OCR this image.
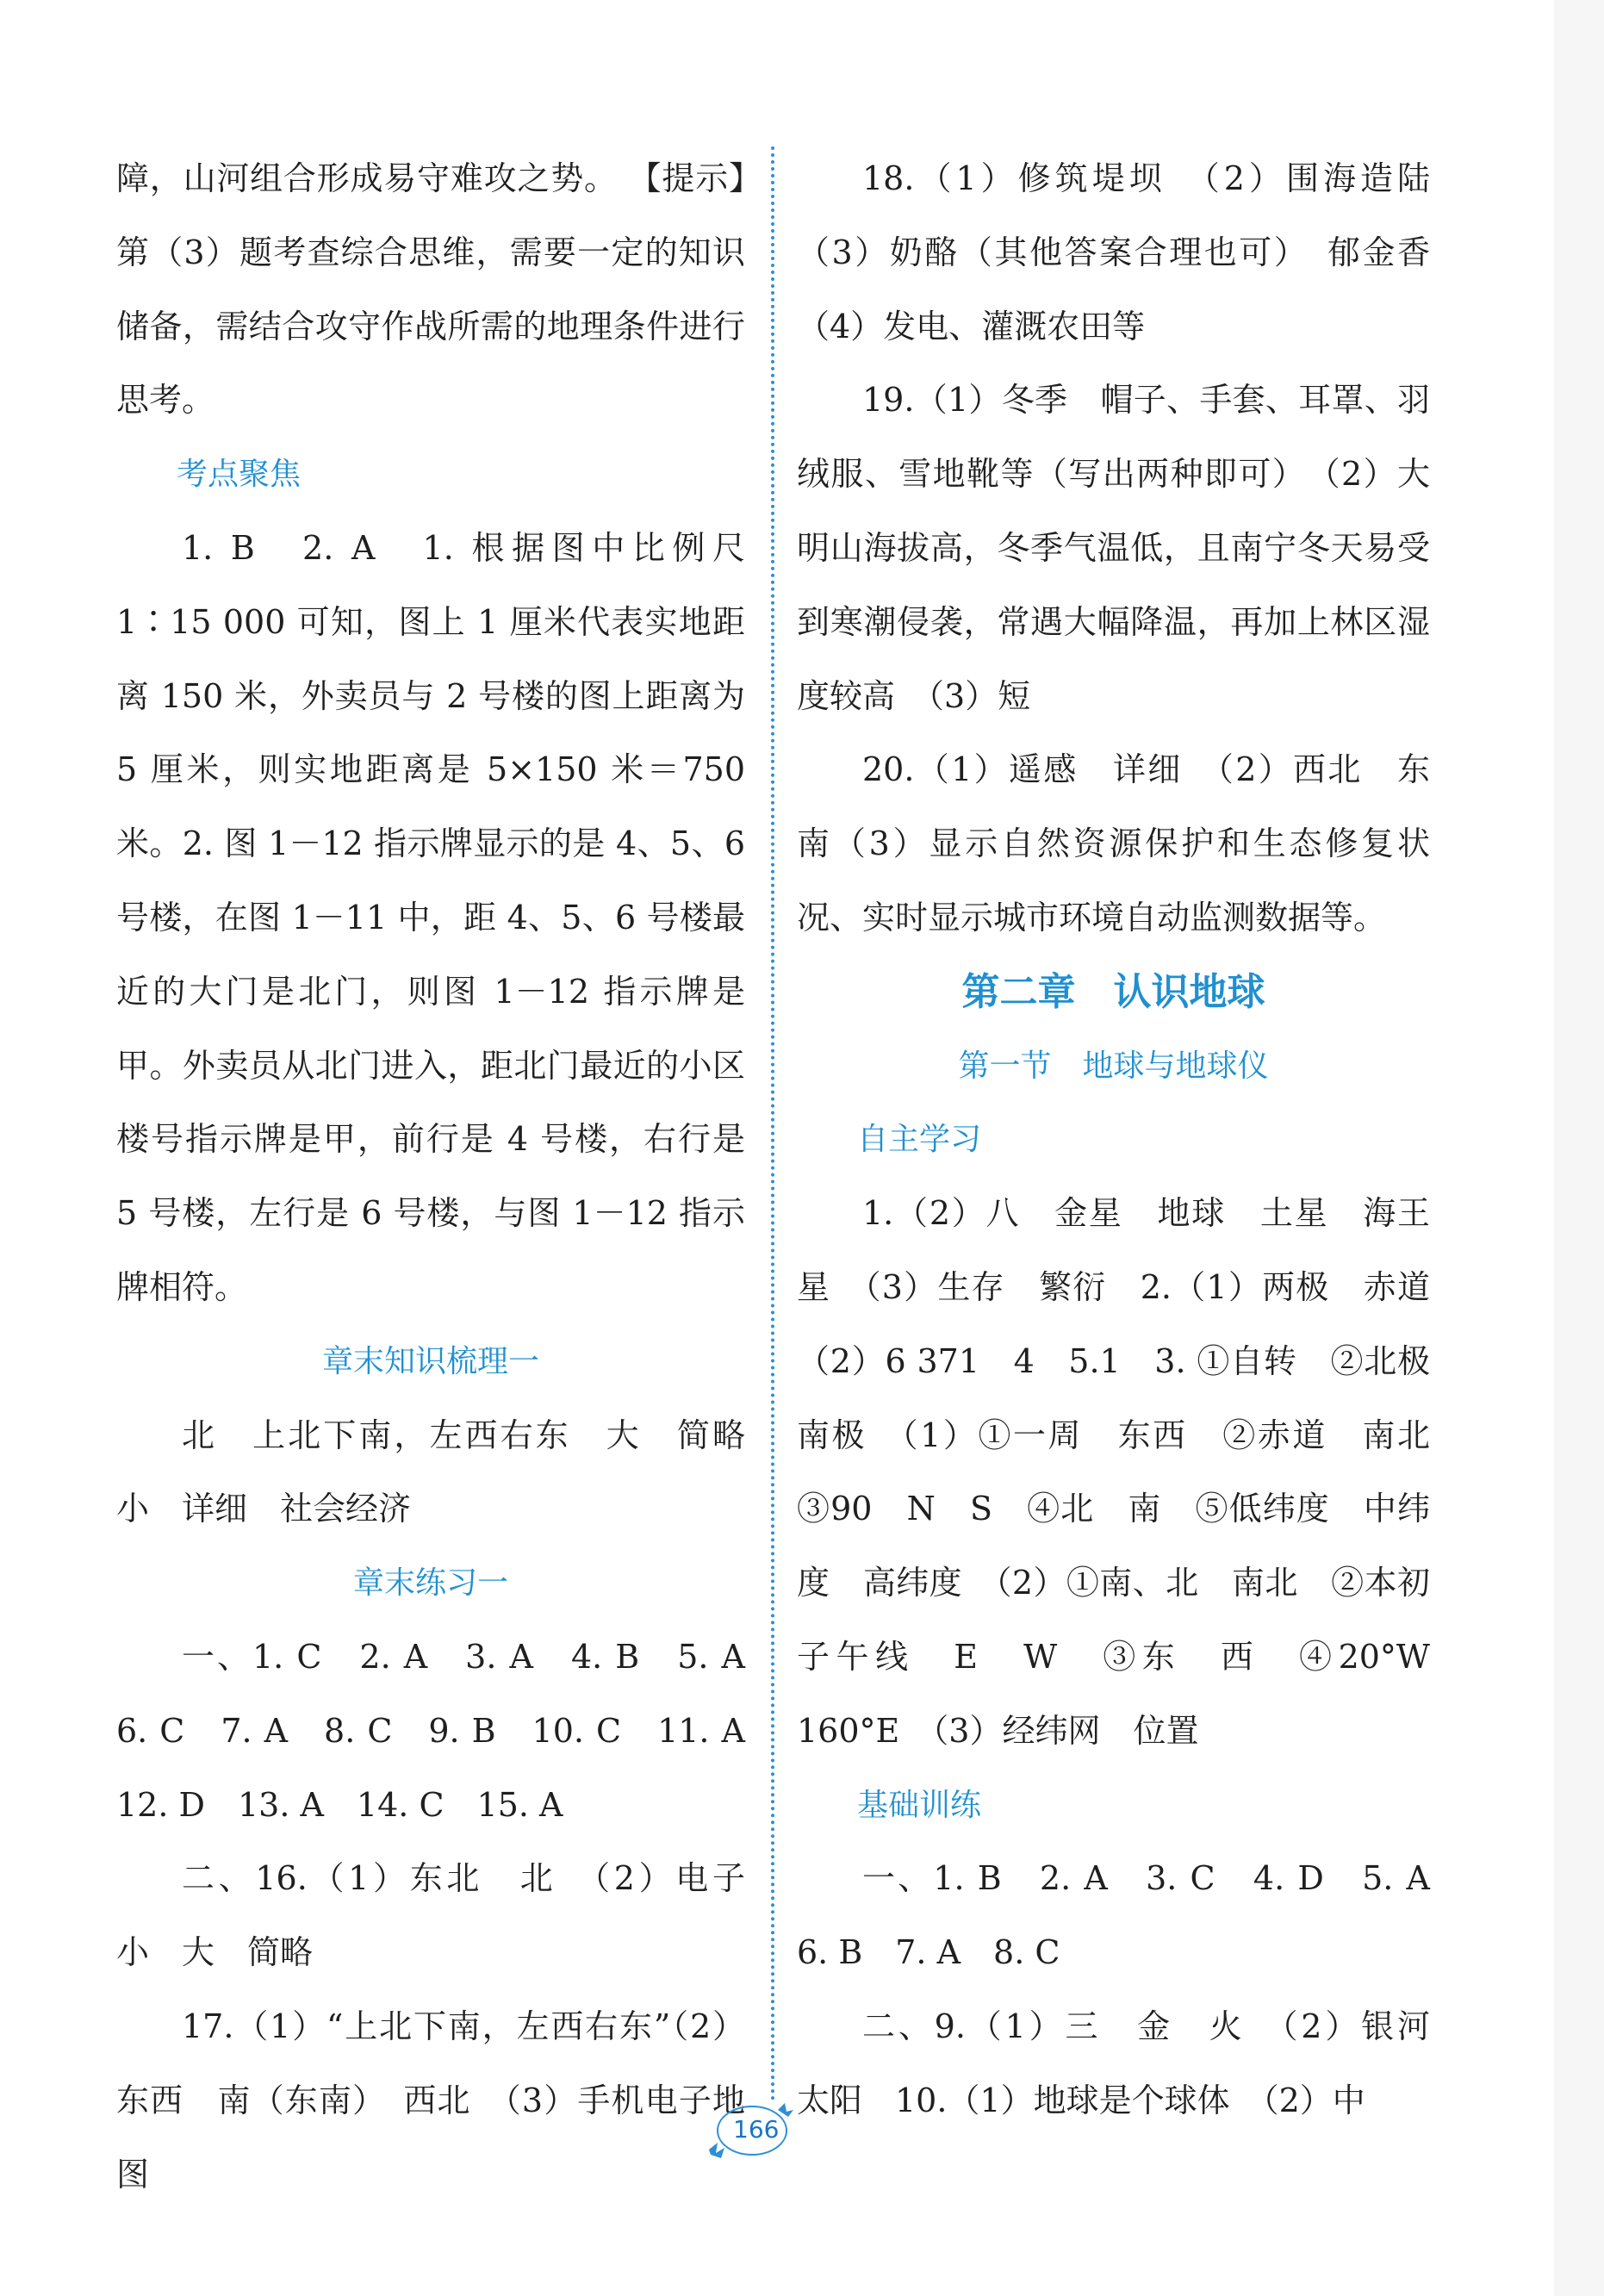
障，山河组合形成易守难攻之势。 【提示】第（3）题考查综合思维，需要一定的知识储备，需结合攻守作战所需的地理条件进行思考。

考点聚焦

1. B　2. A　1. 根据图中比例尺 1∶15 000 可知，图上 1 厘米代表实地距离 150 米，外卖员与 2 号楼的图上距离为 5 厘米，则实地距离是 5×150 米＝750 米。2. 图 1－12 指示牌显示的是 4、5、6 号楼，在图 1－11 中，距 4、5、6 号楼最近的大门是北门，则图 1－12 指示牌是甲。外卖员从北门进入，距北门最近的小区楼号指示牌是甲，前行是 4 号楼，右行是 5 号楼，左行是 6 号楼，与图 1－12 指示牌相符。

章末知识梳理一

北　上北下南，左西右东　大　简略　小　详细　社会经济

章末练习一

一、1. C　2. A　3. A　4. B　5. A　6. C　7. A　8. C　9. B　10. C　11. A　12. D　13. A　14. C　15. A

二、16.（1）东北　北　（2）电子　小　大　简略

17.（1）“上北下南，左西右东”（2）东西　南（东南）　西北　（3）手机电子地图

18.（1）修筑堤坝　（2）围海造陆（3）奶酪（其他答案合理也可）　郁金香（4）发电、灌溉农田等

19.（1）冬季　帽子、手套、耳罩、羽绒服、雪地靴等（写出两种即可）　（2）大明山海拔高，冬季气温低，且南宁冬天易受到寒潮侵袭，常遇大幅降温，再加上林区湿度较高　（3）短

20.（1）遥感　详细　（2）西北　东南（3）显示自然资源保护和生态修复状况、实时显示城市环境自动监测数据等。

第二章　认识地球

第一节　地球与地球仪

自主学习

1.（2）八　金星　地球　土星　海王星　（3）生存　繁衍　2.（1）两极　赤道（2）6 371　4　5.1　3. ①自转　②北极　南极　（1）①一周　东西　②赤道　南北　③90　N　S　④北　南　⑤低纬度　中纬度　高纬度　（2）①南、北　南北　②本初子午线　E　W　③东　西　④20°W　160°E　（3）经纬网　位置

基础训练

一、1. B　2. A　3. C　4. D　5. A　6. B　7. A　8. C

二、9.（1）三　金　火　（2）银河　太阳　10.（1）地球是个球体　（2）中

166
